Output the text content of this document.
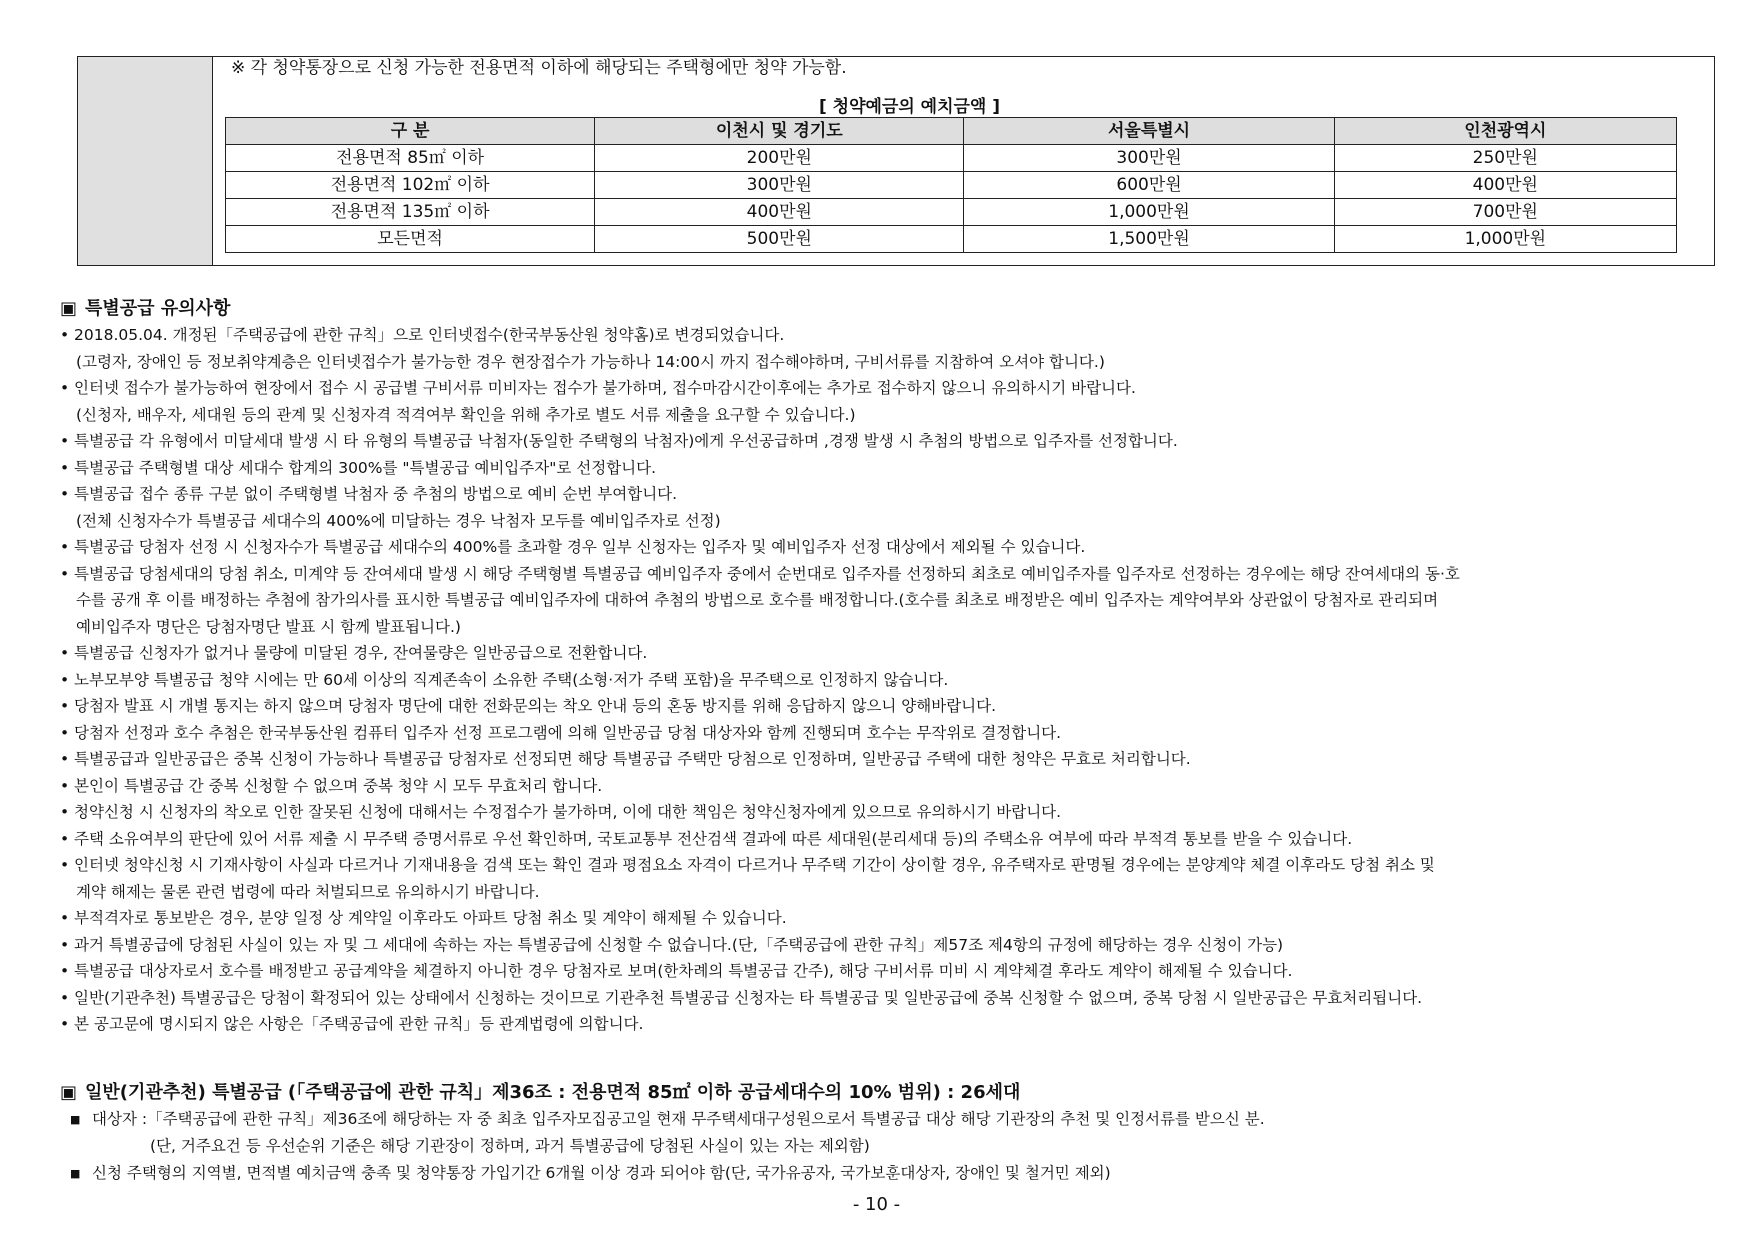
※ 각 청약통장으로 신청 가능한 전용면적 이하에 해당되는 주택형에만 청약 가능함.
[ 청약예금의 예치금액 ]
구 분	이천시 및 경기도	서울특별시	인천광역시
전용면적 85㎡ 이하	200만원	300만원	250만원
전용면적 102㎡ 이하	300만원	600만원	400만원
전용면적 135㎡ 이하	400만원	1,000만원	700만원
모든면적	500만원	1,500만원	1,000만원
▣ 특별공급 유의사항
• 2018.05.04. 개정된「주택공급에 관한 규칙」으로 인터넷접수(한국부동산원 청약홈)로 변경되었습니다.
(고령자, 장애인 등 정보취약계층은 인터넷접수가 불가능한 경우 현장접수가 가능하나 14:00시 까지 접수해야하며, 구비서류를 지참하여 오셔야 합니다.)
• 인터넷 접수가 불가능하여 현장에서 접수 시 공급별 구비서류 미비자는 접수가 불가하며, 접수마감시간이후에는 추가로 접수하지 않으니 유의하시기 바랍니다.
(신청자, 배우자, 세대원 등의 관계 및 신청자격 적격여부 확인을 위해 추가로 별도 서류 제출을 요구할 수 있습니다.)
• 특별공급 각 유형에서 미달세대 발생 시 타 유형의 특별공급 낙첨자(동일한 주택형의 낙첨자)에게 우선공급하며 ,경쟁 발생 시 추첨의 방법으로 입주자를 선정합니다.
• 특별공급 주택형별 대상 세대수 합계의 300%를 "특별공급 예비입주자"로 선정합니다.
• 특별공급 접수 종류 구분 없이 주택형별 낙첨자 중 추첨의 방법으로 예비 순번 부여합니다.
(전체 신청자수가 특별공급 세대수의 400%에 미달하는 경우 낙첨자 모두를 예비입주자로 선정)
• 특별공급 당첨자 선정 시 신청자수가 특별공급 세대수의 400%를 초과할 경우 일부 신청자는 입주자 및 예비입주자 선정 대상에서 제외될 수 있습니다.
• 특별공급 당첨세대의 당첨 취소, 미계약 등 잔여세대 발생 시 해당 주택형별 특별공급 예비입주자 중에서 순번대로 입주자를 선정하되 최초로 예비입주자를 입주자로 선정하는 경우에는 해당 잔여세대의 동·호
수를 공개 후 이를 배정하는 추첨에 참가의사를 표시한 특별공급 예비입주자에 대하여 추첨의 방법으로 호수를 배정합니다.(호수를 최초로 배정받은 예비 입주자는 계약여부와 상관없이 당첨자로 관리되며
예비입주자 명단은 당첨자명단 발표 시 함께 발표됩니다.)
• 특별공급 신청자가 없거나 물량에 미달된 경우, 잔여물량은 일반공급으로 전환합니다.
• 노부모부양 특별공급 청약 시에는 만 60세 이상의 직계존속이 소유한 주택(소형·저가 주택 포함)을 무주택으로 인정하지 않습니다.
• 당첨자 발표 시 개별 통지는 하지 않으며 당첨자 명단에 대한 전화문의는 착오 안내 등의 혼동 방지를 위해 응답하지 않으니 양해바랍니다.
• 당첨자 선정과 호수 추첨은 한국부동산원 컴퓨터 입주자 선정 프로그램에 의해 일반공급 당첨 대상자와 함께 진행되며 호수는 무작위로 결정합니다.
• 특별공급과 일반공급은 중복 신청이 가능하나 특별공급 당첨자로 선정되면 해당 특별공급 주택만 당첨으로 인정하며, 일반공급 주택에 대한 청약은 무효로 처리합니다.
• 본인이 특별공급 간 중복 신청할 수 없으며 중복 청약 시 모두 무효처리 합니다.
• 청약신청 시 신청자의 착오로 인한 잘못된 신청에 대해서는 수정접수가 불가하며, 이에 대한 책임은 청약신청자에게 있으므로 유의하시기 바랍니다.
• 주택 소유여부의 판단에 있어 서류 제출 시 무주택 증명서류로 우선 확인하며, 국토교통부 전산검색 결과에 따른 세대원(분리세대 등)의 주택소유 여부에 따라 부적격 통보를 받을 수 있습니다.
• 인터넷 청약신청 시 기재사항이 사실과 다르거나 기재내용을 검색 또는 확인 결과 평점요소 자격이 다르거나 무주택 기간이 상이할 경우, 유주택자로 판명될 경우에는 분양계약 체결 이후라도 당첨 취소 및
계약 해제는 물론 관련 법령에 따라 처벌되므로 유의하시기 바랍니다.
• 부적격자로 통보받은 경우, 분양 일정 상 계약일 이후라도 아파트 당첨 취소 및 계약이 해제될 수 있습니다.
• 과거 특별공급에 당첨된 사실이 있는 자 및 그 세대에 속하는 자는 특별공급에 신청할 수 없습니다.(단,「주택공급에 관한 규칙」제57조 제4항의 규정에 해당하는 경우 신청이 가능)
• 특별공급 대상자로서 호수를 배정받고 공급계약을 체결하지 아니한 경우 당첨자로 보며(한차례의 특별공급 간주), 해당 구비서류 미비 시 계약체결 후라도 계약이 해제될 수 있습니다.
• 일반(기관추천) 특별공급은 당첨이 확정되어 있는 상태에서 신청하는 것이므로 기관추천 특별공급 신청자는 타 특별공급 및 일반공급에 중복 신청할 수 없으며, 중복 당첨 시 일반공급은 무효처리됩니다.
• 본 공고문에 명시되지 않은 사항은「주택공급에 관한 규칙」등 관계법령에 의합니다.
▣ 일반(기관추천) 특별공급 (「주택공급에 관한 규칙」제36조 : 전용면적 85㎡ 이하 공급세대수의 10% 범위) : 26세대
■ 대상자 :「주택공급에 관한 규칙」제36조에 해당하는 자 중 최초 입주자모집공고일 현재 무주택세대구성원으로서 특별공급 대상 해당 기관장의 추천 및 인정서류를 받으신 분.
(단, 거주요건 등 우선순위 기준은 해당 기관장이 정하며, 과거 특별공급에 당첨된 사실이 있는 자는 제외함)
■ 신청 주택형의 지역별, 면적별 예치금액 충족 및 청약통장 가입기간 6개월 이상 경과 되어야 함(단, 국가유공자, 국가보훈대상자, 장애인 및 철거민 제외)
- 10 -
